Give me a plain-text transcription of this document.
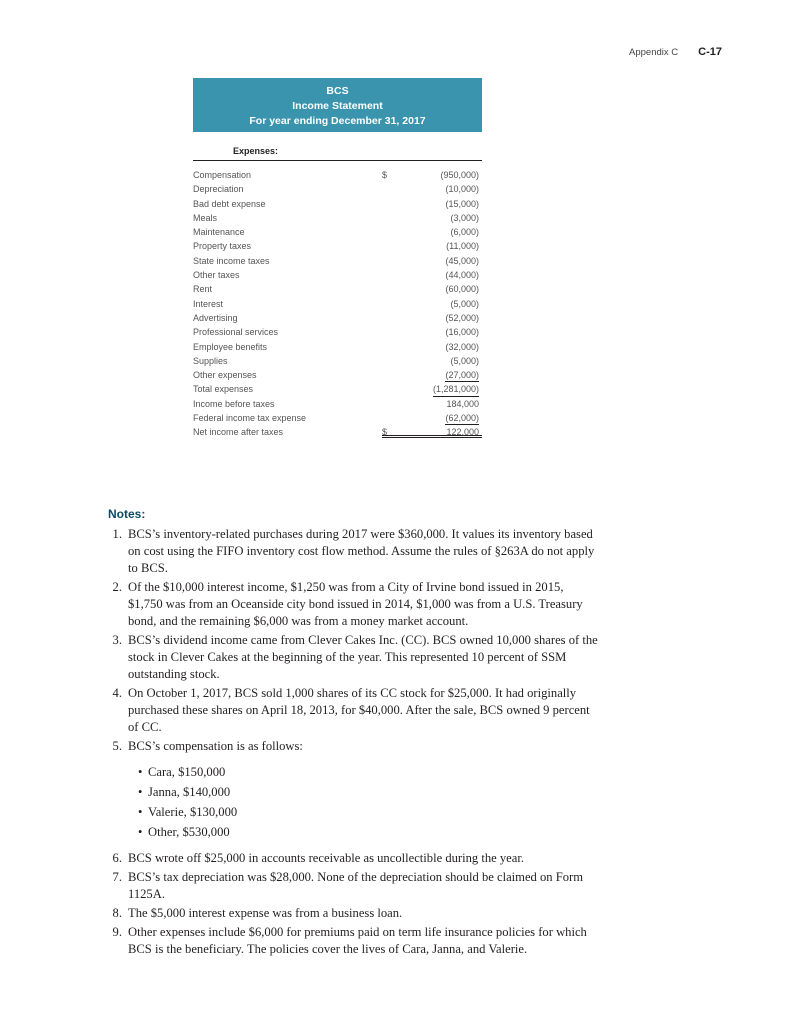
Appendix C C-17
BCS
Income Statement
For year ending December 31, 2017
Expenses:
Compensation	$	(950,000)
Depreciation	(10,000)
Bad debt expense	(15,000)
Meals	(3,000)
Maintenance	(6,000)
Property taxes	(11,000)
State income taxes	(45,000)
Other taxes	(44,000)
Rent	(60,000)
Interest	(5,000)
Advertising	(52,000)
Professional services	(16,000)
Employee benefits	(32,000)
Supplies	(5,000)
Other expenses	(27,000)
Total expenses	(1,281,000)
Income before taxes	184,000
Federal income tax expense	(62,000)
Net income after taxes	$	122,000
Notes:
1. BCS’s inventory-related purchases during 2017 were $360,000. It values its inventory based on cost using the FIFO inventory cost flow method. Assume the rules of §263A do not apply to BCS.
2. Of the $10,000 interest income, $1,250 was from a City of Irvine bond issued in 2015, $1,750 was from an Oceanside city bond issued in 2014, $1,000 was from a U.S. Treasury bond, and the remaining $6,000 was from a money market account.
3. BCS’s dividend income came from Clever Cakes Inc. (CC). BCS owned 10,000 shares of the stock in Clever Cakes at the beginning of the year. This represented 10 percent of SSM outstanding stock.
4. On October 1, 2017, BCS sold 1,000 shares of its CC stock for $25,000. It had originally purchased these shares on April 18, 2013, for $40,000. After the sale, BCS owned 9 percent of CC.
5. BCS’s compensation is as follows:
• Cara, $150,000
• Janna, $140,000
• Valerie, $130,000
• Other, $530,000
6. BCS wrote off $25,000 in accounts receivable as uncollectible during the year.
7. BCS’s tax depreciation was $28,000. None of the depreciation should be claimed on Form 1125A.
8. The $5,000 interest expense was from a business loan.
9. Other expenses include $6,000 for premiums paid on term life insurance policies for which BCS is the beneficiary. The policies cover the lives of Cara, Janna, and Valerie.
